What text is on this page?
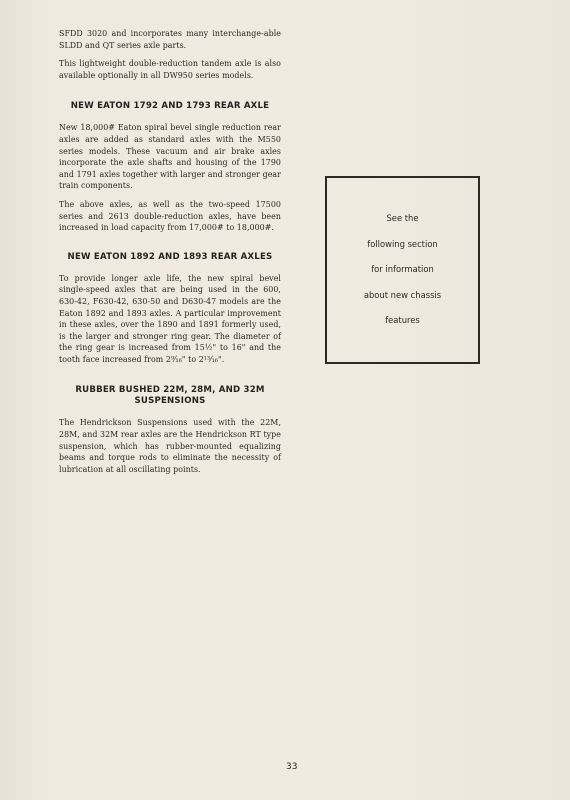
SFDD 3020 and incorporates many interchange-able SLDD and QT series axle parts.

This lightweight double-reduction tandem axle is also available optionally in all DW950 series models.

NEW EATON 1792 AND 1793 REAR AXLE

New 18,000# Eaton spiral bevel single reduction rear axles are added as standard axles with the M550 series models. These vacuum and air brake axles incorporate the axle shafts and housing of the 1790 and 1791 axles together with larger and stronger gear train components.

The above axles, as well as the two-speed 17500 series and 2613 double-reduction axles, have been increased in load capacity from 17,000# to 18,000#.

NEW EATON 1892 AND 1893 REAR AXLES

To provide longer axle life, the new spiral bevel single-speed axles that are being used in the 600, 630-42, F630-42, 630-50 and D630-47 models are the Eaton 1892 and 1893 axles. A particular improvement in these axles, over the 1890 and 1891 formerly used, is the larger and stronger ring gear. The diameter of the ring gear is increased from 15½" to 16" and the tooth face increased from 2⁹⁄₁₆" to 2¹³⁄₁₆".

RUBBER BUSHED 22M, 28M, AND 32M SUSPENSIONS

The Hendrickson Suspensions used with the 22M, 28M, and 32M rear axles are the Hendrickson RT type suspension, which has rubber-mounted equalizing beams and torque rods to eliminate the necessity of lubrication at all oscillating points.

See the
following section
for information
about new chassis
features
33
